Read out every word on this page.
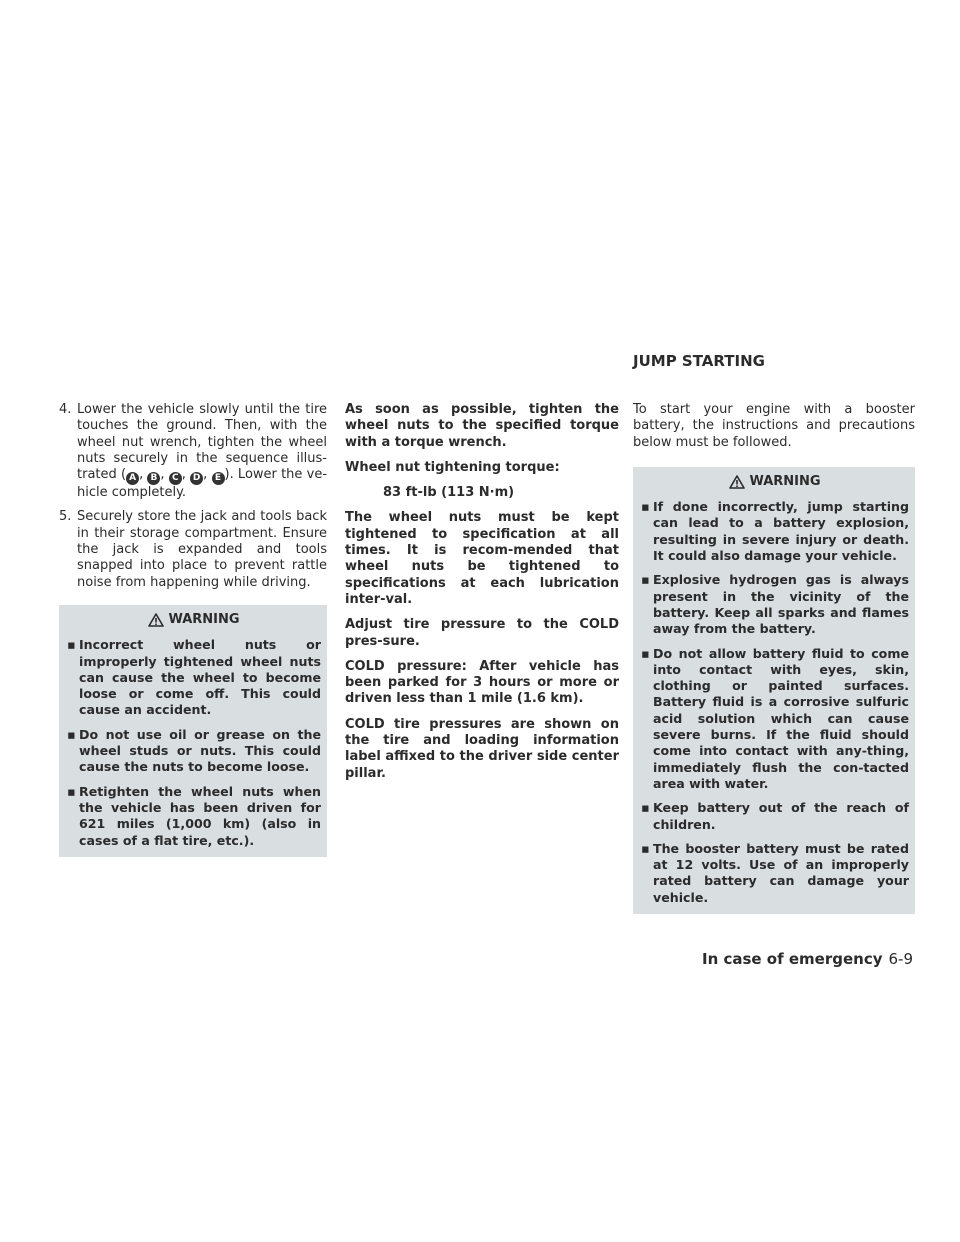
JUMP STARTING
4. Lower the vehicle slowly until the tire touches the ground. Then, with the wheel nut wrench, tighten the wheel nuts securely in the sequence illus-trated ( A , B , C , D , E ). Lower the ve-hicle completely.
5. Securely store the jack and tools back in their storage compartment. Ensure the jack is expanded and tools snapped into place to prevent rattle noise from happening while driving.
WARNING
▪ Incorrect wheel nuts or improperly tightened wheel nuts can cause the wheel to become loose or come off. This could cause an accident.
▪ Do not use oil or grease on the wheel studs or nuts. This could cause the nuts to become loose.
▪ Retighten the wheel nuts when the vehicle has been driven for 621 miles (1,000 km) (also in cases of a flat tire, etc.).

As soon as possible, tighten the wheel nuts to the specified torque with a torque wrench.

Wheel nut tightening torque:

83 ft-lb (113 N·m)

The wheel nuts must be kept tightened to specification at all times. It is recom-mended that wheel nuts be tightened to specifications at each lubrication inter-val.

Adjust tire pressure to the COLD pres-sure.

COLD pressure: After vehicle has been parked for 3 hours or more or driven less than 1 mile (1.6 km).

COLD tire pressures are shown on the tire and loading information label affixed to the driver side center pillar.

To start your engine with a booster battery, the instructions and precautions below must be followed.

WARNING
▪ If done incorrectly, jump starting can lead to a battery explosion, resulting in severe injury or death. It could also damage your vehicle.
▪ Explosive hydrogen gas is always present in the vicinity of the battery. Keep all sparks and flames away from the battery.
▪ Do not allow battery fluid to come into contact with eyes, skin, clothing or painted surfaces. Battery fluid is a corrosive sulfuric acid solution which can cause severe burns. If the fluid should come into contact with any-thing, immediately flush the con-tacted area with water.
▪ Keep battery out of the reach of children.
▪ The booster battery must be rated at 12 volts. Use of an improperly rated battery can damage your vehicle.
In case of emergency 6-9
